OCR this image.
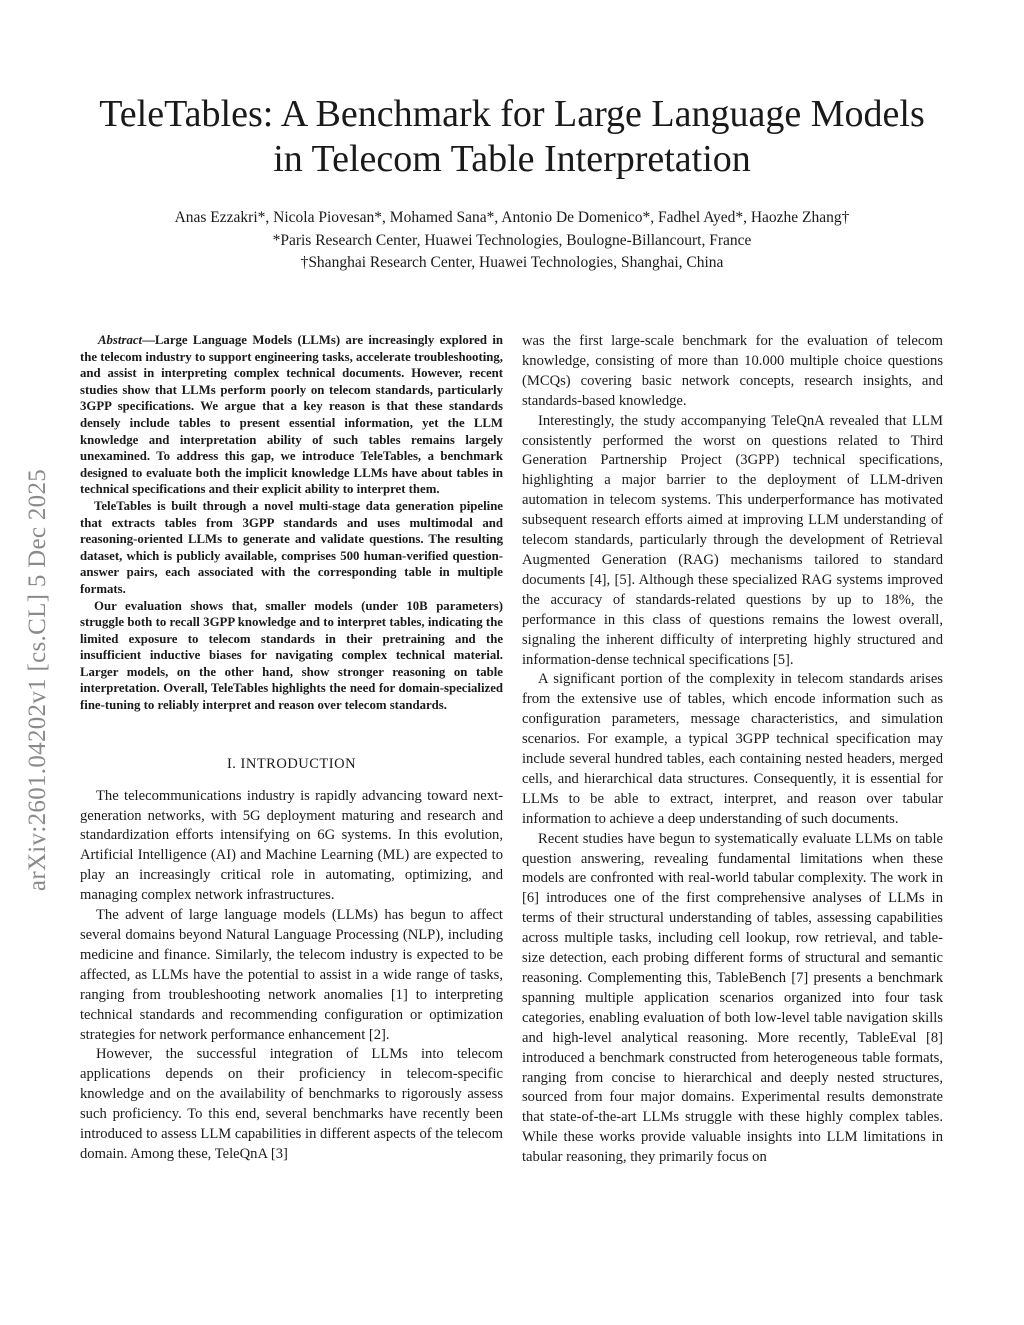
arXiv:2601.04202v1 [cs.CL] 5 Dec 2025
TeleTables: A Benchmark for Large Language Models in Telecom Table Interpretation
Anas Ezzakri*, Nicola Piovesan*, Mohamed Sana*, Antonio De Domenico*, Fadhel Ayed*, Haozhe Zhang†
*Paris Research Center, Huawei Technologies, Boulogne-Billancourt, France
†Shanghai Research Center, Huawei Technologies, Shanghai, China

Abstract—Large Language Models (LLMs) are increasingly explored in the telecom industry to support engineering tasks, accelerate troubleshooting, and assist in interpreting complex technical documents. However, recent studies show that LLMs perform poorly on telecom standards, particularly 3GPP specifications. We argue that a key reason is that these standards densely include tables to present essential information, yet the LLM knowledge and interpretation ability of such tables remains largely unexamined. To address this gap, we introduce TeleTables, a benchmark designed to evaluate both the implicit knowledge LLMs have about tables in technical specifications and their explicit ability to interpret them.

TeleTables is built through a novel multi-stage data generation pipeline that extracts tables from 3GPP standards and uses multimodal and reasoning-oriented LLMs to generate and validate questions. The resulting dataset, which is publicly available, comprises 500 human-verified question-answer pairs, each associated with the corresponding table in multiple formats.

Our evaluation shows that, smaller models (under 10B parameters) struggle both to recall 3GPP knowledge and to interpret tables, indicating the limited exposure to telecom standards in their pretraining and the insufficient inductive biases for navigating complex technical material. Larger models, on the other hand, show stronger reasoning on table interpretation. Overall, TeleTables highlights the need for domain-specialized fine-tuning to reliably interpret and reason over telecom standards.

I. INTRODUCTION

The telecommunications industry is rapidly advancing toward next-generation networks, with 5G deployment maturing and research and standardization efforts intensifying on 6G systems. In this evolution, Artificial Intelligence (AI) and Machine Learning (ML) are expected to play an increasingly critical role in automating, optimizing, and managing complex network infrastructures.

The advent of large language models (LLMs) has begun to affect several domains beyond Natural Language Processing (NLP), including medicine and finance. Similarly, the telecom industry is expected to be affected, as LLMs have the potential to assist in a wide range of tasks, ranging from troubleshooting network anomalies [1] to interpreting technical standards and recommending configuration or optimization strategies for network performance enhancement [2].

However, the successful integration of LLMs into telecom applications depends on their proficiency in telecom-specific knowledge and on the availability of benchmarks to rigorously assess such proficiency. To this end, several benchmarks have recently been introduced to assess LLM capabilities in different aspects of the telecom domain. Among these, TeleQnA [3]

was the first large-scale benchmark for the evaluation of telecom knowledge, consisting of more than 10.000 multiple choice questions (MCQs) covering basic network concepts, research insights, and standards-based knowledge.

Interestingly, the study accompanying TeleQnA revealed that LLM consistently performed the worst on questions related to Third Generation Partnership Project (3GPP) technical specifications, highlighting a major barrier to the deployment of LLM-driven automation in telecom systems. This underperformance has motivated subsequent research efforts aimed at improving LLM understanding of telecom standards, particularly through the development of Retrieval Augmented Generation (RAG) mechanisms tailored to standard documents [4], [5]. Although these specialized RAG systems improved the accuracy of standards-related questions by up to 18%, the performance in this class of questions remains the lowest overall, signaling the inherent difficulty of interpreting highly structured and information-dense technical specifications [5].

A significant portion of the complexity in telecom standards arises from the extensive use of tables, which encode information such as configuration parameters, message characteristics, and simulation scenarios. For example, a typical 3GPP technical specification may include several hundred tables, each containing nested headers, merged cells, and hierarchical data structures. Consequently, it is essential for LLMs to be able to extract, interpret, and reason over tabular information to achieve a deep understanding of such documents.

Recent studies have begun to systematically evaluate LLMs on table question answering, revealing fundamental limitations when these models are confronted with real-world tabular complexity. The work in [6] introduces one of the first comprehensive analyses of LLMs in terms of their structural understanding of tables, assessing capabilities across multiple tasks, including cell lookup, row retrieval, and table-size detection, each probing different forms of structural and semantic reasoning. Complementing this, TableBench [7] presents a benchmark spanning multiple application scenarios organized into four task categories, enabling evaluation of both low-level table navigation skills and high-level analytical reasoning. More recently, TableEval [8] introduced a benchmark constructed from heterogeneous table formats, ranging from concise to hierarchical and deeply nested structures, sourced from four major domains. Experimental results demonstrate that state-of-the-art LLMs struggle with these highly complex tables. While these works provide valuable insights into LLM limitations in tabular reasoning, they primarily focus on
